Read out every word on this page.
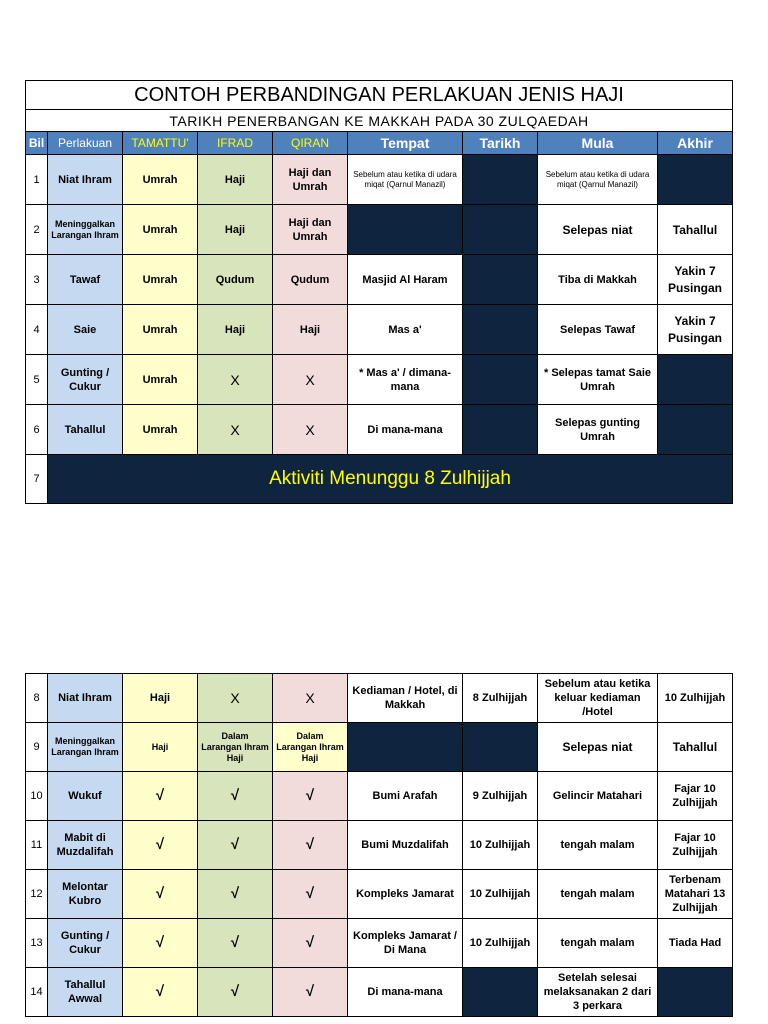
CONTOH PERBANDINGAN PERLAKUAN JENIS HAJI								
TARIKH PENERBANGAN KE MAKKAH PADA 30 ZULQAEDAH								
Bil	Perlakuan	TAMATTU'	IFRAD	QIRAN	Tempat	Tarikh	Mula	Akhir
1	Niat Ihram	Umrah	Haji	Haji dan Umrah	Sebelum atau ketika di udara miqat (Qarnul Manazil)		Sebelum atau ketika di udara miqat (Qarnul Manazil)	
2	Meninggalkan Larangan Ihram	Umrah	Haji	Haji dan Umrah			Selepas niat	Tahallul
3	Tawaf	Umrah	Qudum	Qudum	Masjid Al Haram		Tiba di Makkah	Yakin 7 Pusingan
4	Saie	Umrah	Haji	Haji	Mas a'		Selepas Tawaf	Yakin 7 Pusingan
5	Gunting / Cukur	Umrah	X	X	* Mas a' / dimana-mana		* Selepas tamat Saie Umrah	
6	Tahallul	Umrah	X	X	Di mana-mana		Selepas gunting Umrah	
7	Aktiviti Menunggu 8 Zulhijjah							
8	Niat Ihram	Haji	X	X	Kediaman / Hotel, di Makkah	8 Zulhijjah	Sebelum atau ketika keluar kediaman /Hotel	10 Zulhijjah
9	Meninggalkan Larangan Ihram	Haji	Dalam Larangan Ihram Haji	Dalam Larangan Ihram Haji			Selepas niat	Tahallul
10	Wukuf	√	√	√	Bumi Arafah	9 Zulhijjah	Gelincir Matahari	Fajar 10 Zulhijjah
11	Mabit di Muzdalifah	√	√	√	Bumi Muzdalifah	10 Zulhijjah	tengah malam	Fajar 10 Zulhijjah
12	Melontar Kubro	√	√	√	Kompleks Jamarat	10 Zulhijjah	tengah malam	Terbenam Matahari 13 Zulhijjah
13	Gunting / Cukur	√	√	√	Kompleks Jamarat / Di Mana	10 Zulhijjah	tengah malam	Tiada Had
14	Tahallul Awwal	√	√	√	Di mana-mana		Setelah selesai melaksanakan 2 dari 3 perkara	
